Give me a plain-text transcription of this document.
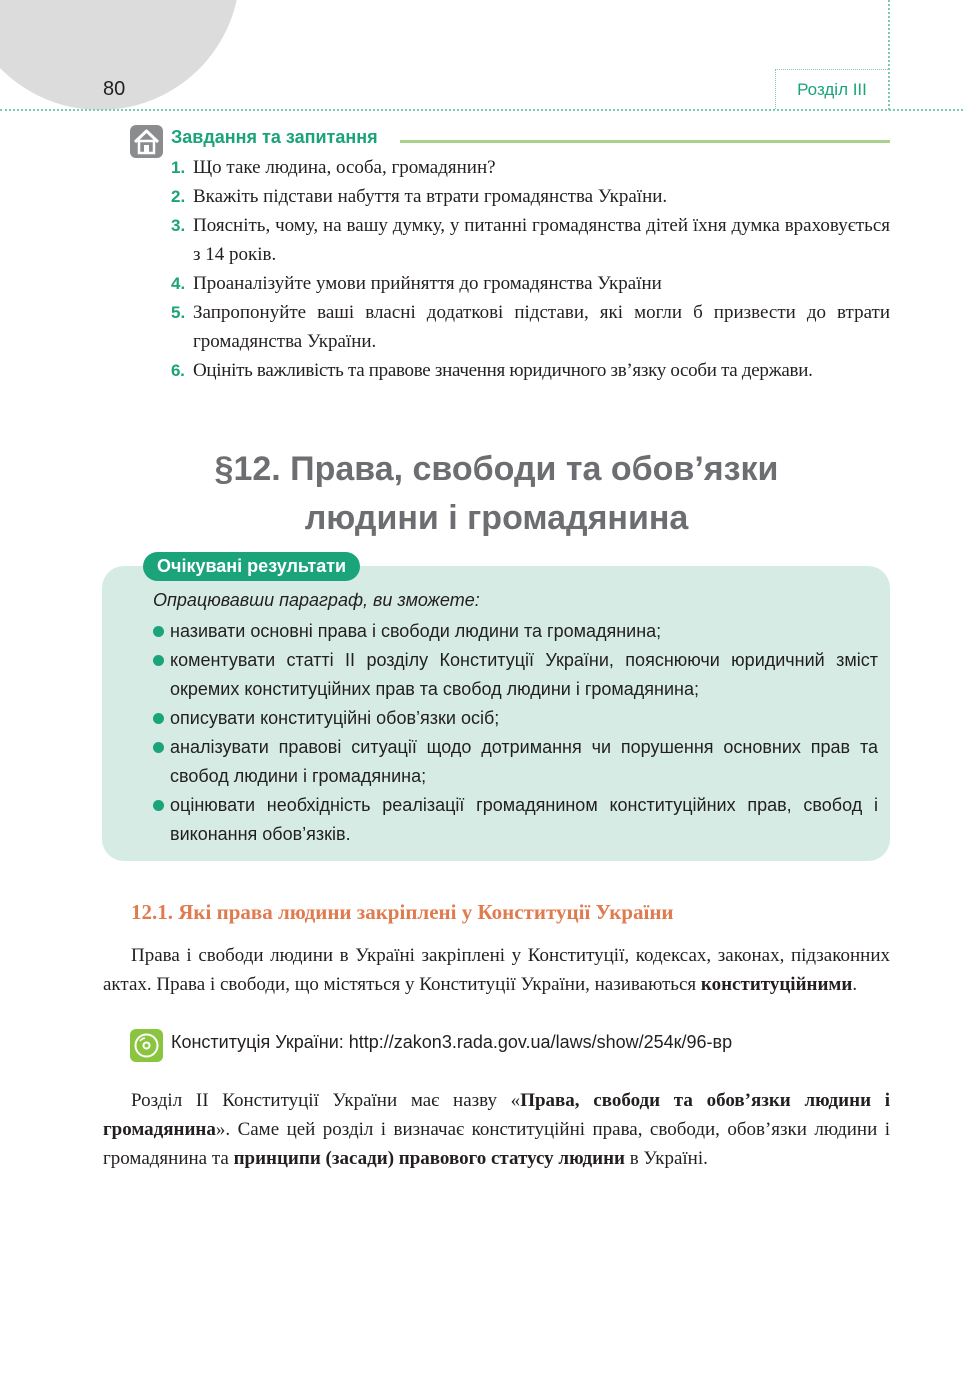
80	Розділ III
Завдання та запитання
1. Що таке людина, особа, громадянин?
2. Вкажіть підстави набуття та втрати громадянства України.
3. Поясніть, чому, на вашу думку, у питанні громадянства дітей їхня думка враховується з 14 років.
4. Проаналізуйте умови прийняття до громадянства України
5. Запропонуйте ваші власні додаткові підстави, які могли б призвести до втрати громадянства України.
6. Оцініть важливість та правове значення юридичного зв’язку особи та держави.
§12. Права, свободи та обов’язки
людини і громадянина
Очікувані результати
Опрацювавши параграф, ви зможете:
називати основні права і свободи людини та громадянина;
коментувати статті II розділу Конституції України, пояснюючи юридичний зміст окремих конституційних прав та свобод людини і громадянина;
описувати конституційні обов’язки осіб;
аналізувати правові ситуації щодо дотримання чи порушення основних прав та свобод людини і громадянина;
оцінювати необхідність реалізації громадянином конституційних прав, свобод і виконання обов’язків.
12.1. Які права людини закріплені у Конституції України

Права і свободи людини в Україні закріплені у Конституції, кодексах, законах, підзаконних актах. Права і свободи, що містяться у Конституції України, називаються конституційними.

Конституція України: http://zakon3.rada.gov.ua/laws/show/254к/96-вр

Розділ ІІ Конституції України має назву «Права, свободи та обов’язки людини і громадянина». Саме цей розділ і визначає конституційні права, свободи, обов’язки людини і громадянина та принципи (засади) правового статусу людини в Україні.
